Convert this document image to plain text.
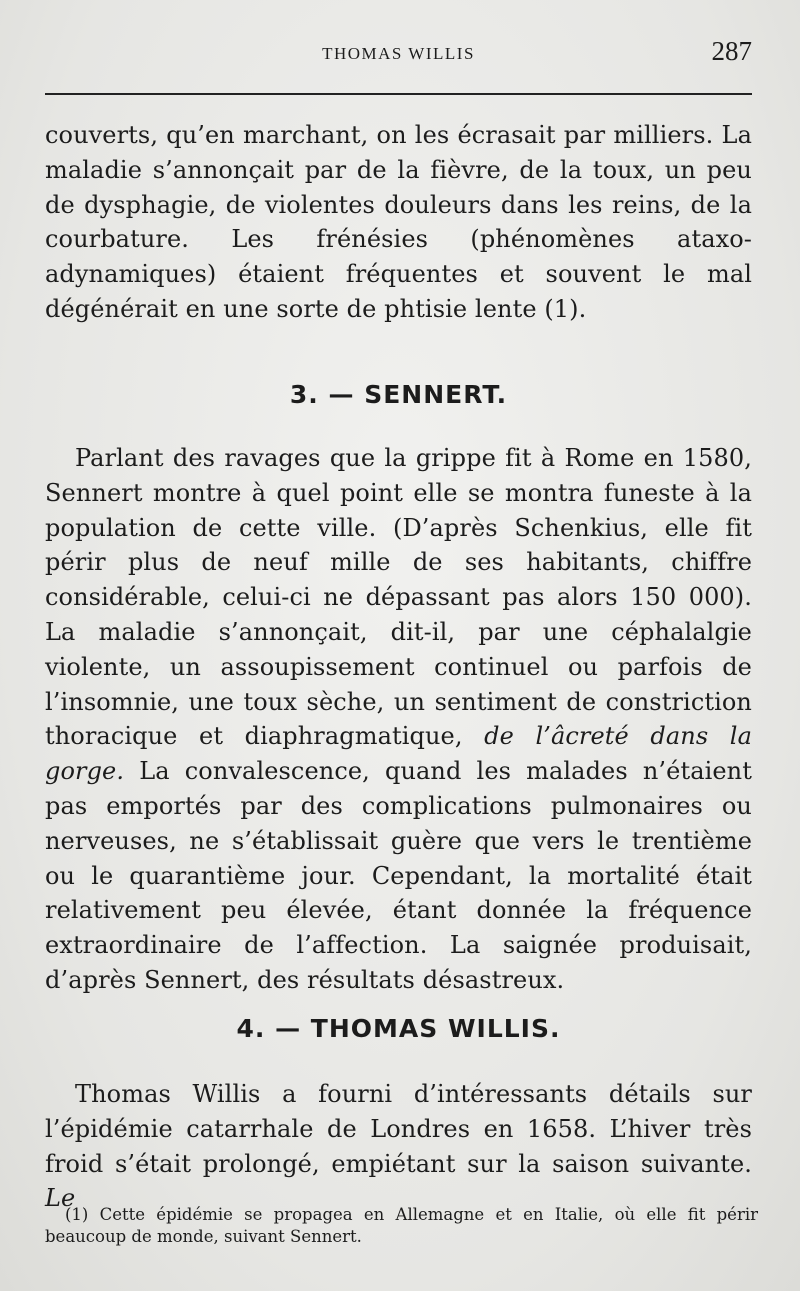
THOMAS WILLIS	287

couverts, qu’en marchant, on les écrasait par milliers. La maladie s’annonçait par de la fièvre, de la toux, un peu de dysphagie, de violentes douleurs dans les reins, de la courbature. Les frénésies (phénomènes ataxo-adynamiques) étaient fréquentes et souvent le mal dégénérait en une sorte de phtisie lente (1).

3. — SENNERT.

Parlant des ravages que la grippe fit à Rome en 1580, Sennert montre à quel point elle se montra funeste à la population de cette ville. (D’après Schenkius, elle fit périr plus de neuf mille de ses habitants, chiffre considérable, celui-ci ne dépassant pas alors 150 000). La maladie s’annonçait, dit-il, par une céphalalgie violente, un assoupissement continuel ou parfois de l’insomnie, une toux sèche, un sentiment de constriction thoracique et diaphragmatique, de l’âcreté dans la gorge. La convalescence, quand les malades n’étaient pas emportés par des complications pulmonaires ou nerveuses, ne s’établissait guère que vers le trentième ou le quarantième jour. Cependant, la mortalité était relativement peu élevée, étant donnée la fréquence extraordinaire de l’affection. La saignée produisait, d’après Sennert, des résultats désastreux.

4. — THOMAS WILLIS.

Thomas Willis a fourni d’intéressants détails sur l’épidémie catarrhale de Londres en 1658. L’hiver très froid s’était prolongé, empiétant sur la saison suivante. Le

(1) Cette épidémie se propagea en Allemagne et en Italie, où elle fit périr beaucoup de monde, suivant Sennert.
